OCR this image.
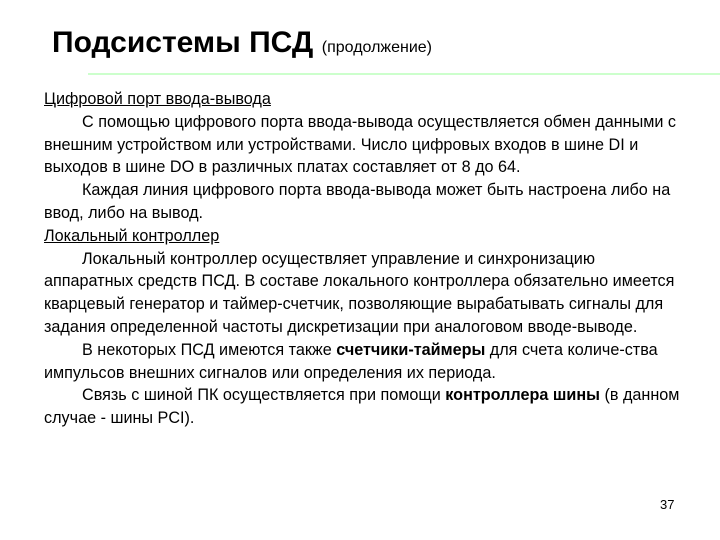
Подсистемы ПСД (продолжение)
Цифровой порт ввода-вывода

С помощью цифрового порта ввода-вывода осуществляется обмен данными с внешним устройством или устройствами. Число цифровых входов в шине DI и выходов в шине DO в различных платах составляет от 8 до 64.

Каждая линия цифрового порта ввода-вывода может быть настроена либо на ввод, либо на вывод.

Локальный контроллер

Локальный контроллер осуществляет управление и синхронизацию аппаратных средств ПСД. В составе локального контроллера обязательно имеется кварцевый генератор и таймер-счетчик, позволяющие вырабатывать сигналы для задания определенной частоты дискретизации при аналоговом вводе-выводе.

В некоторых ПСД имеются также счетчики-таймеры для счета количе-ства импульсов внешних сигналов или определения их периода.

Связь с шиной ПК осуществляется при помощи контроллера шины (в данном случае - шины PCI).

37
